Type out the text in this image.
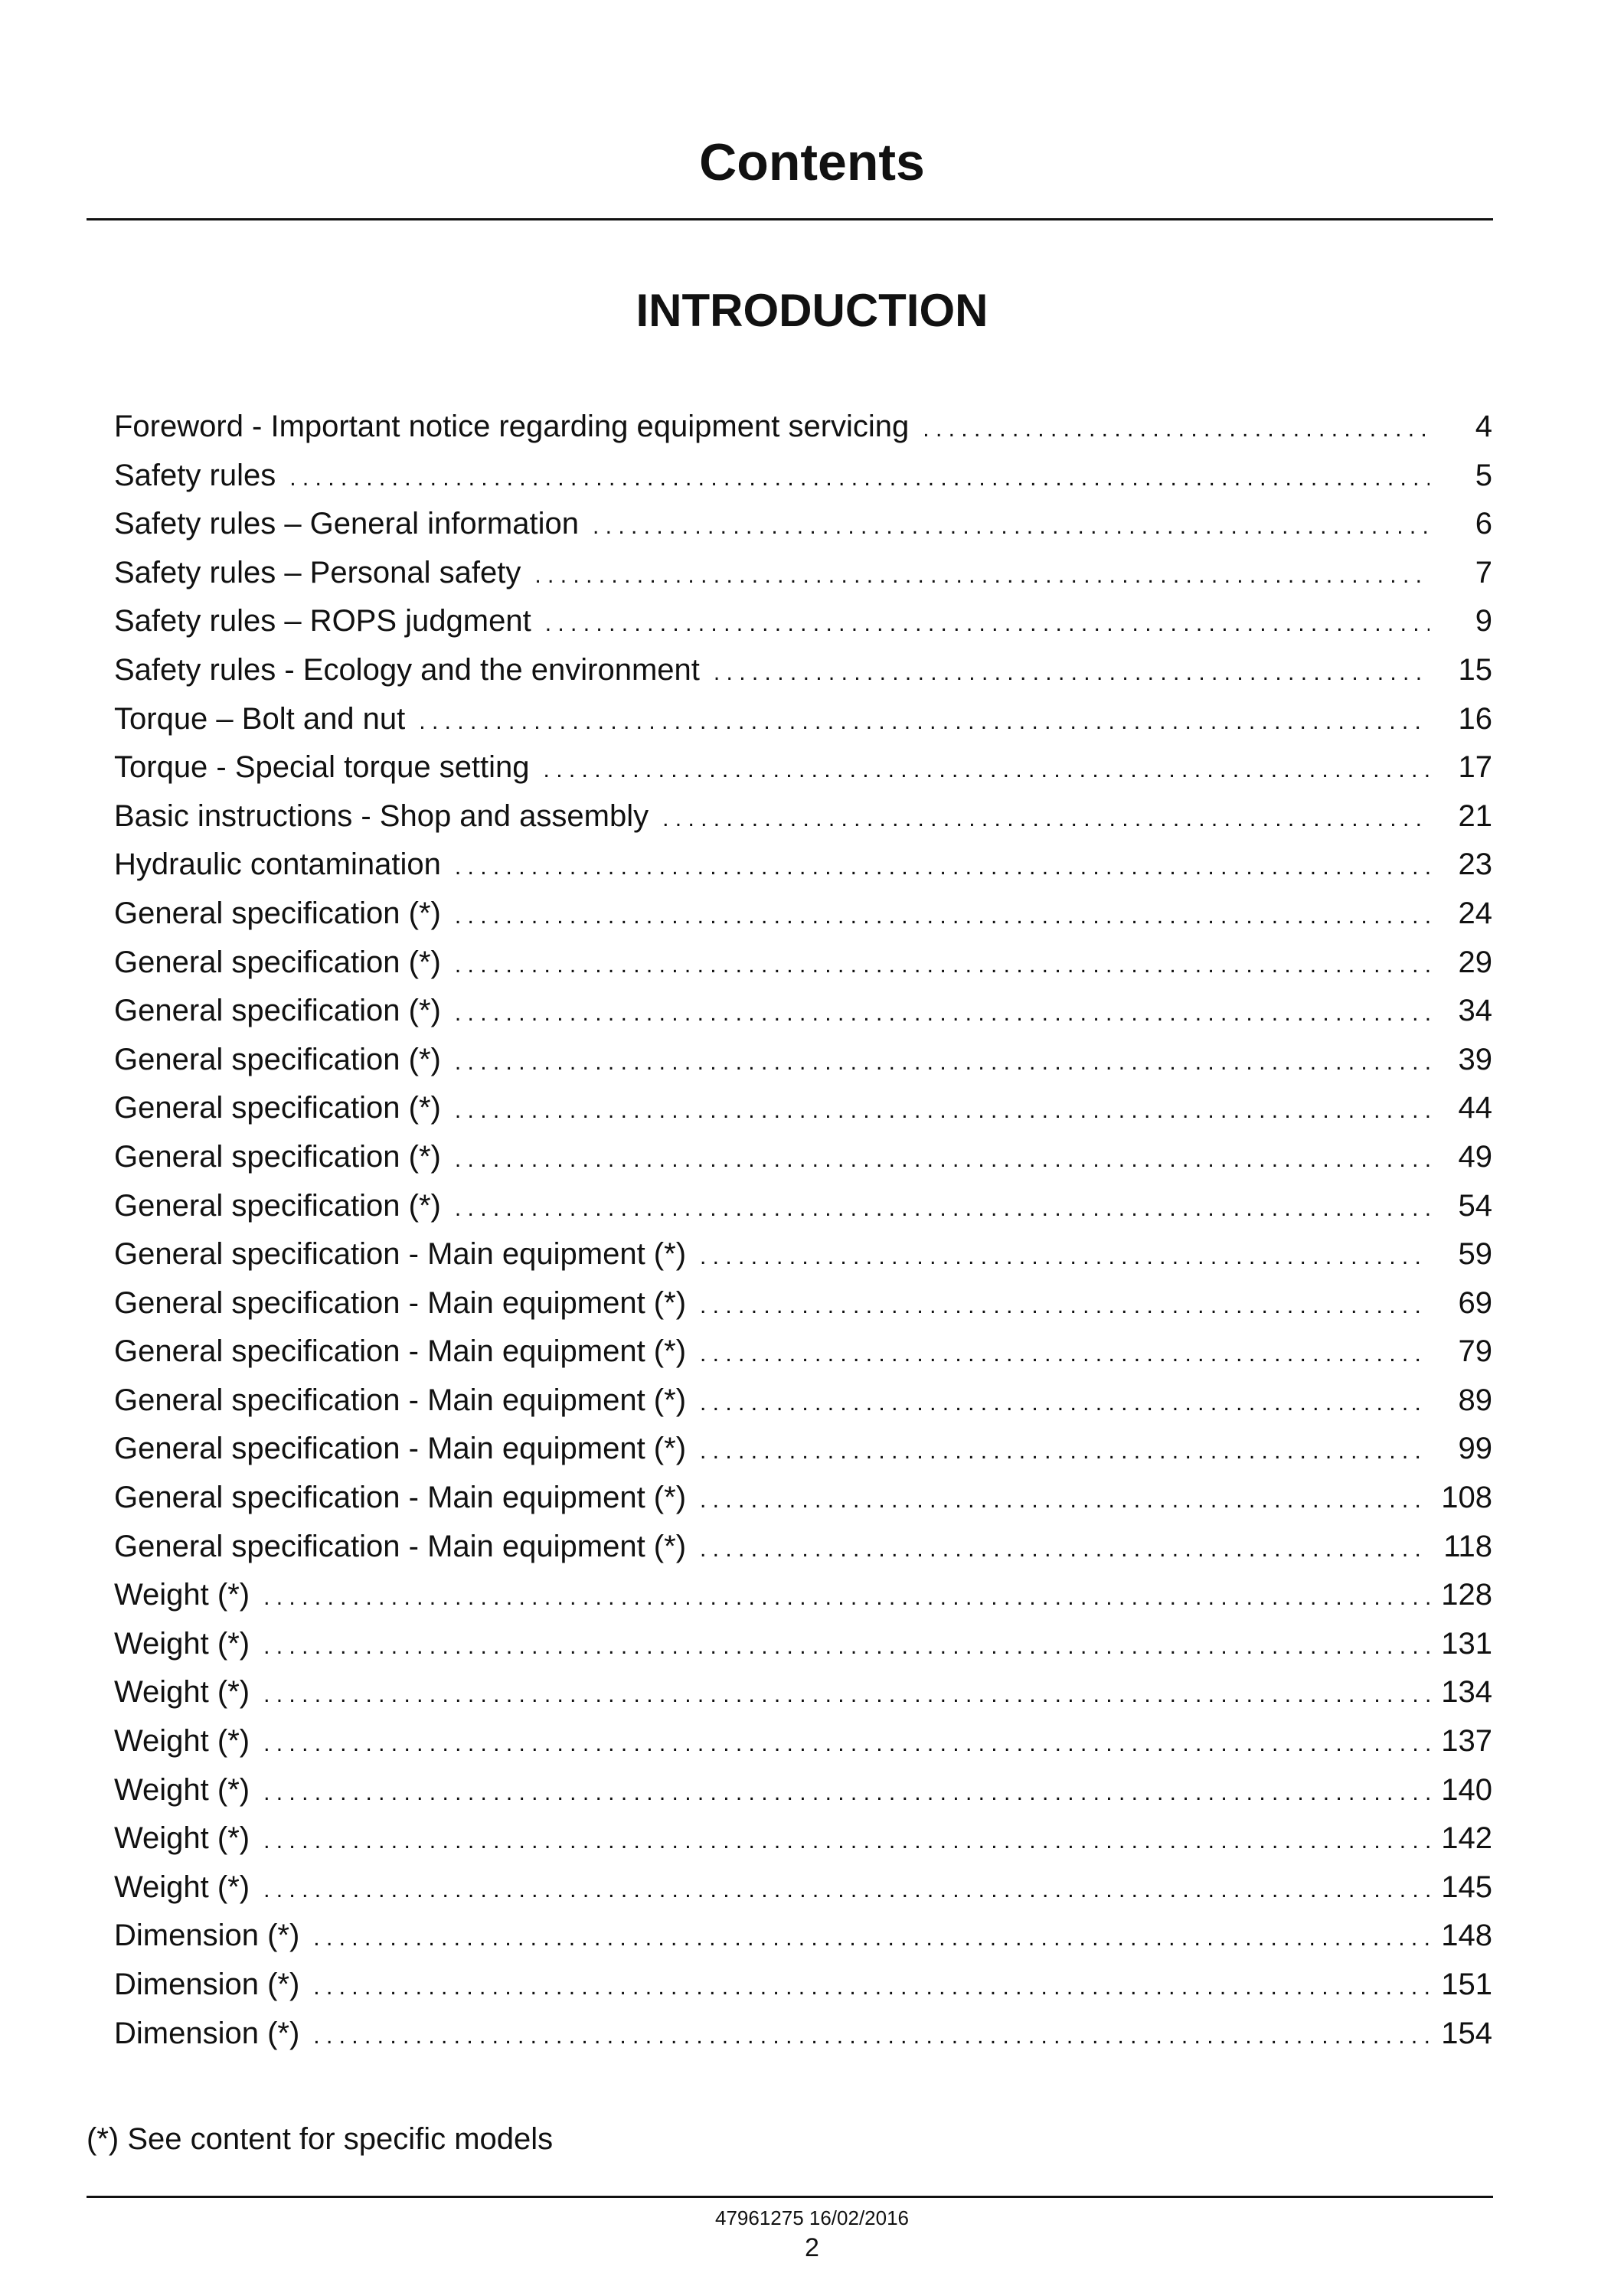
Contents
INTRODUCTION
Foreword - Important notice regarding equipment servicing . . .	4
Safety rules . . .	5
Safety rules – General information . . .	6
Safety rules – Personal safety . . .	7
Safety rules – ROPS judgment . . .	9
Safety rules - Ecology and the environment . . .	15
Torque – Bolt and nut . . .	16
Torque - Special torque setting . . .	17
Basic instructions - Shop and assembly . . .	21
Hydraulic contamination . . .	23
General specification (*) . . .	24
General specification (*) . . .	29
General specification (*) . . .	34
General specification (*) . . .	39
General specification (*) . . .	44
General specification (*) . . .	49
General specification (*) . . .	54
General specification - Main equipment (*) . . .	59
General specification - Main equipment (*) . . .	69
General specification - Main equipment (*) . . .	79
General specification - Main equipment (*) . . .	89
General specification - Main equipment (*) . . .	99
General specification - Main equipment (*) . . .	108
General specification - Main equipment (*) . . .	118
Weight (*) . . .	128
Weight (*) . . .	131
Weight (*) . . .	134
Weight (*) . . .	137
Weight (*) . . .	140
Weight (*) . . .	142
Weight (*) . . .	145
Dimension (*) . . .	148
Dimension (*) . . .	151
Dimension (*) . . .	154

(*) See content for specific models

47961275 16/02/2016

2
